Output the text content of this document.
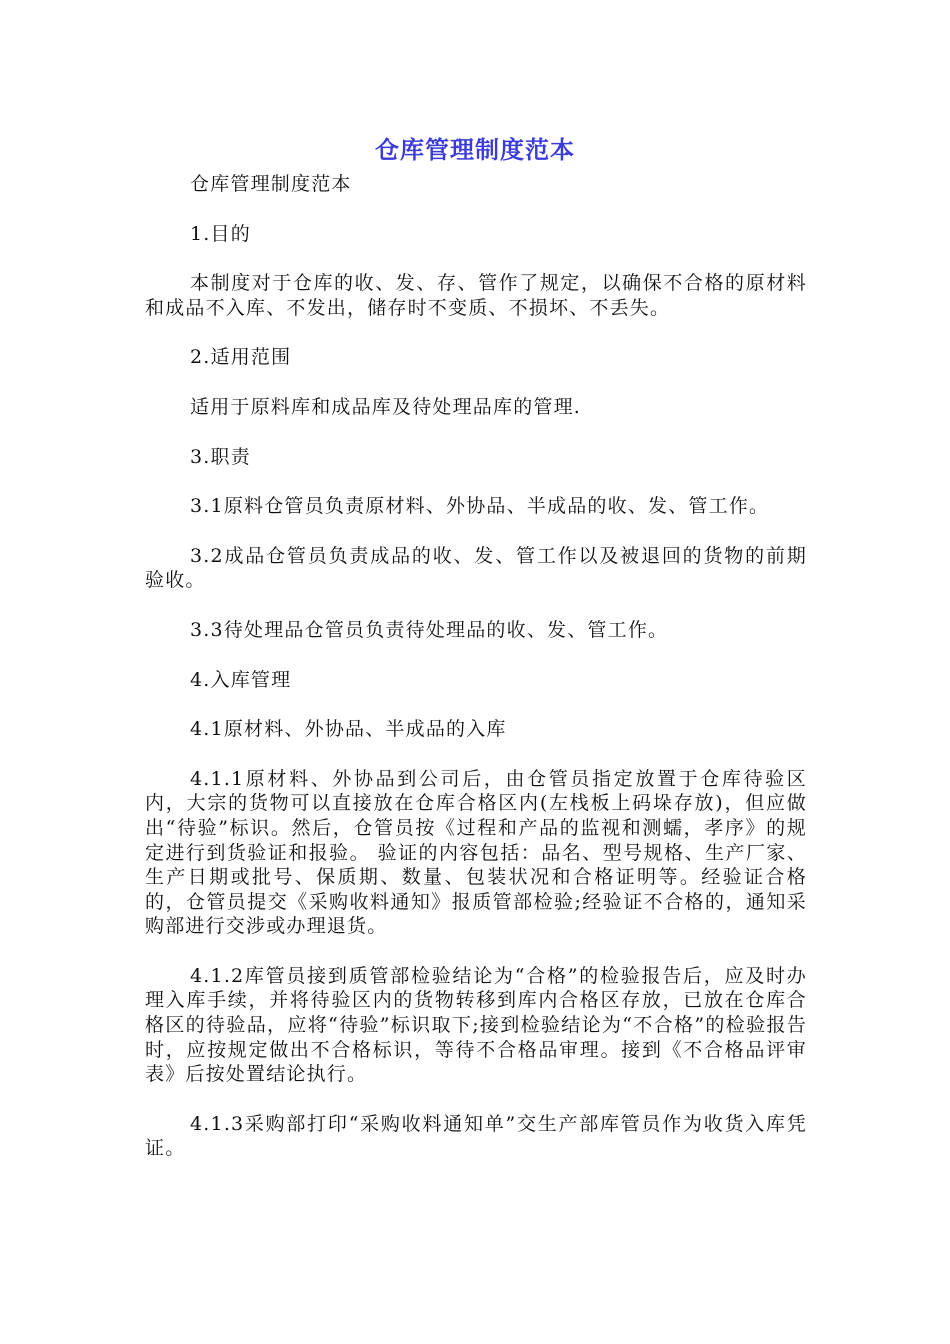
仓库管理制度范本

仓库管理制度范本

1.目的

本制度对于仓库的收、发、存、管作了规定，以确保不合格的原材料和成品不入库、不发出，储存时不变质、不损坏、不丢失。

2.适用范围

适用于原料库和成品库及待处理品库的管理.

3.职责

3.1原料仓管员负责原材料、外协品、半成品的收、发、管工作。

3.2成品仓管员负责成品的收、发、管工作以及被退回的货物的前期验收。

3.3待处理品仓管员负责待处理品的收、发、管工作。

4.入库管理

4.1原材料、外协品、半成品的入库

4.1.1原材料、外协品到公司后，由仓管员指定放置于仓库待验区内，大宗的货物可以直接放在仓库合格区内(左栈板上码垛存放)，但应做出“待验”标识。然后，仓管员按《过程和产品的监视和测蠕，孝序》的规定进行到货验证和报验。 验证的内容包括：品名、型号规格、生产厂家、生产日期或批号、保质期、数量、包装状况和合格证明等。经验证合格的，仓管员提交《采购收料通知》报质管部检验;经验证不合格的，通知采购部进行交涉或办理退货。

4.1.2库管员接到质管部检验结论为“合格”的检验报告后，应及时办理入库手续，并将待验区内的货物转移到库内合格区存放，已放在仓库合格区的待验品，应将“待验”标识取下;接到检验结论为“不合格”的检验报告时，应按规定做出不合格标识，等待不合格品审理。接到《不合格品评审表》后按处置结论执行。

4.1.3采购部打印“采购收料通知单”交生产部库管员作为收货入库凭证。
